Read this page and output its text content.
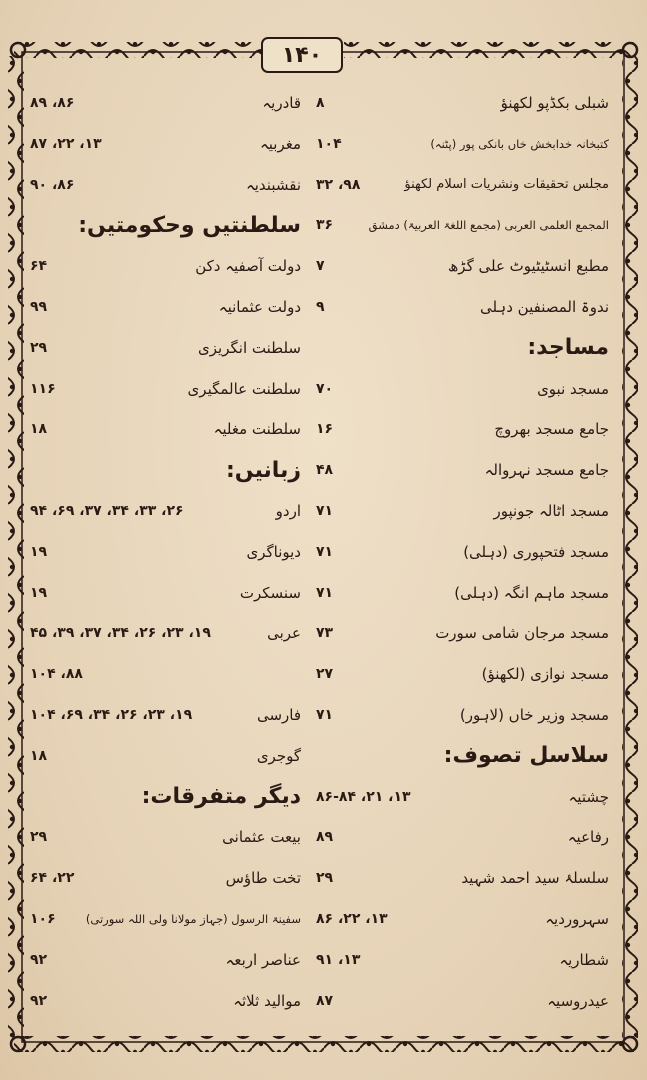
۱۴۰
شبلی بکڈپو لکھنؤ
۸
کتبخانہ خدابخش خاں بانکی پور (پٹنہ)
۱۰۴
مجلس تحقیقات ونشریات اسلام لکھنؤ
۹۸، ۳۲
المجمع العلمی العربی (مجمع اللغۃ العربیۃ) دمشق
۳۶
مطبع انسٹیٹیوٹ علی گڑھ
۷
ندوۃ المصنفین دہلی
۹
مساجد:
مسجد نبوی
۷۰
جامع مسجد بھروچ
۱۶
جامع مسجد نہروالہ
۴۸
مسجد اٹالہ جونپور
۷۱
مسجد فتحپوری (دہلی)
۷۱
مسجد ماہم انگہ (دہلی)
۷۱
مسجد مرجان شامی سورت
۷۳
مسجد نوازی (لکھنؤ)
۲۷
مسجد وزیر خاں (لاہور)
۷۱
سلاسل تصوف:
چشتیہ
۱۳، ۲۱، ۸۶-۸۴
رفاعیہ
۸۹
سلسلۂ سید احمد شہید
۲۹
سہروردیہ
۱۳، ۲۲، ۸۶
شطاریہ
۱۳، ۹۱
عیدروسیہ
۸۷
قادریہ
۸۶، ۸۹
مغربیہ
۱۳، ۲۲، ۸۷
نقشبندیہ
۸۶، ۹۰
سلطنتیں وحکومتیں:
دولت آصفیہ دکن
۶۴
دولت عثمانیہ
۹۹
سلطنت انگریزی
۲۹
سلطنت عالمگیری
۱۱۶
سلطنت مغلیہ
۱۸
زبانیں:
اردو
۲۶، ۳۳، ۳۴، ۳۷، ۶۹، ۹۴
دیوناگری
۱۹
سنسکرت
۱۹
عربی
۱۹، ۲۳، ۲۶، ۳۴، ۳۷، ۳۹، ۴۵
۸۸، ۱۰۴
فارسی
۱۹، ۲۳، ۲۶، ۳۴، ۶۹، ۱۰۴
گوجری
۱۸
دیگر متفرقات:
بیعت عثمانی
۲۹
تخت طاؤس
۲۲، ۶۴
سفینۃ الرسول (جہاز مولانا ولی اللہ سورتی)
۱۰۶
عناصر اربعہ
۹۲
موالید ثلاثہ
۹۲
